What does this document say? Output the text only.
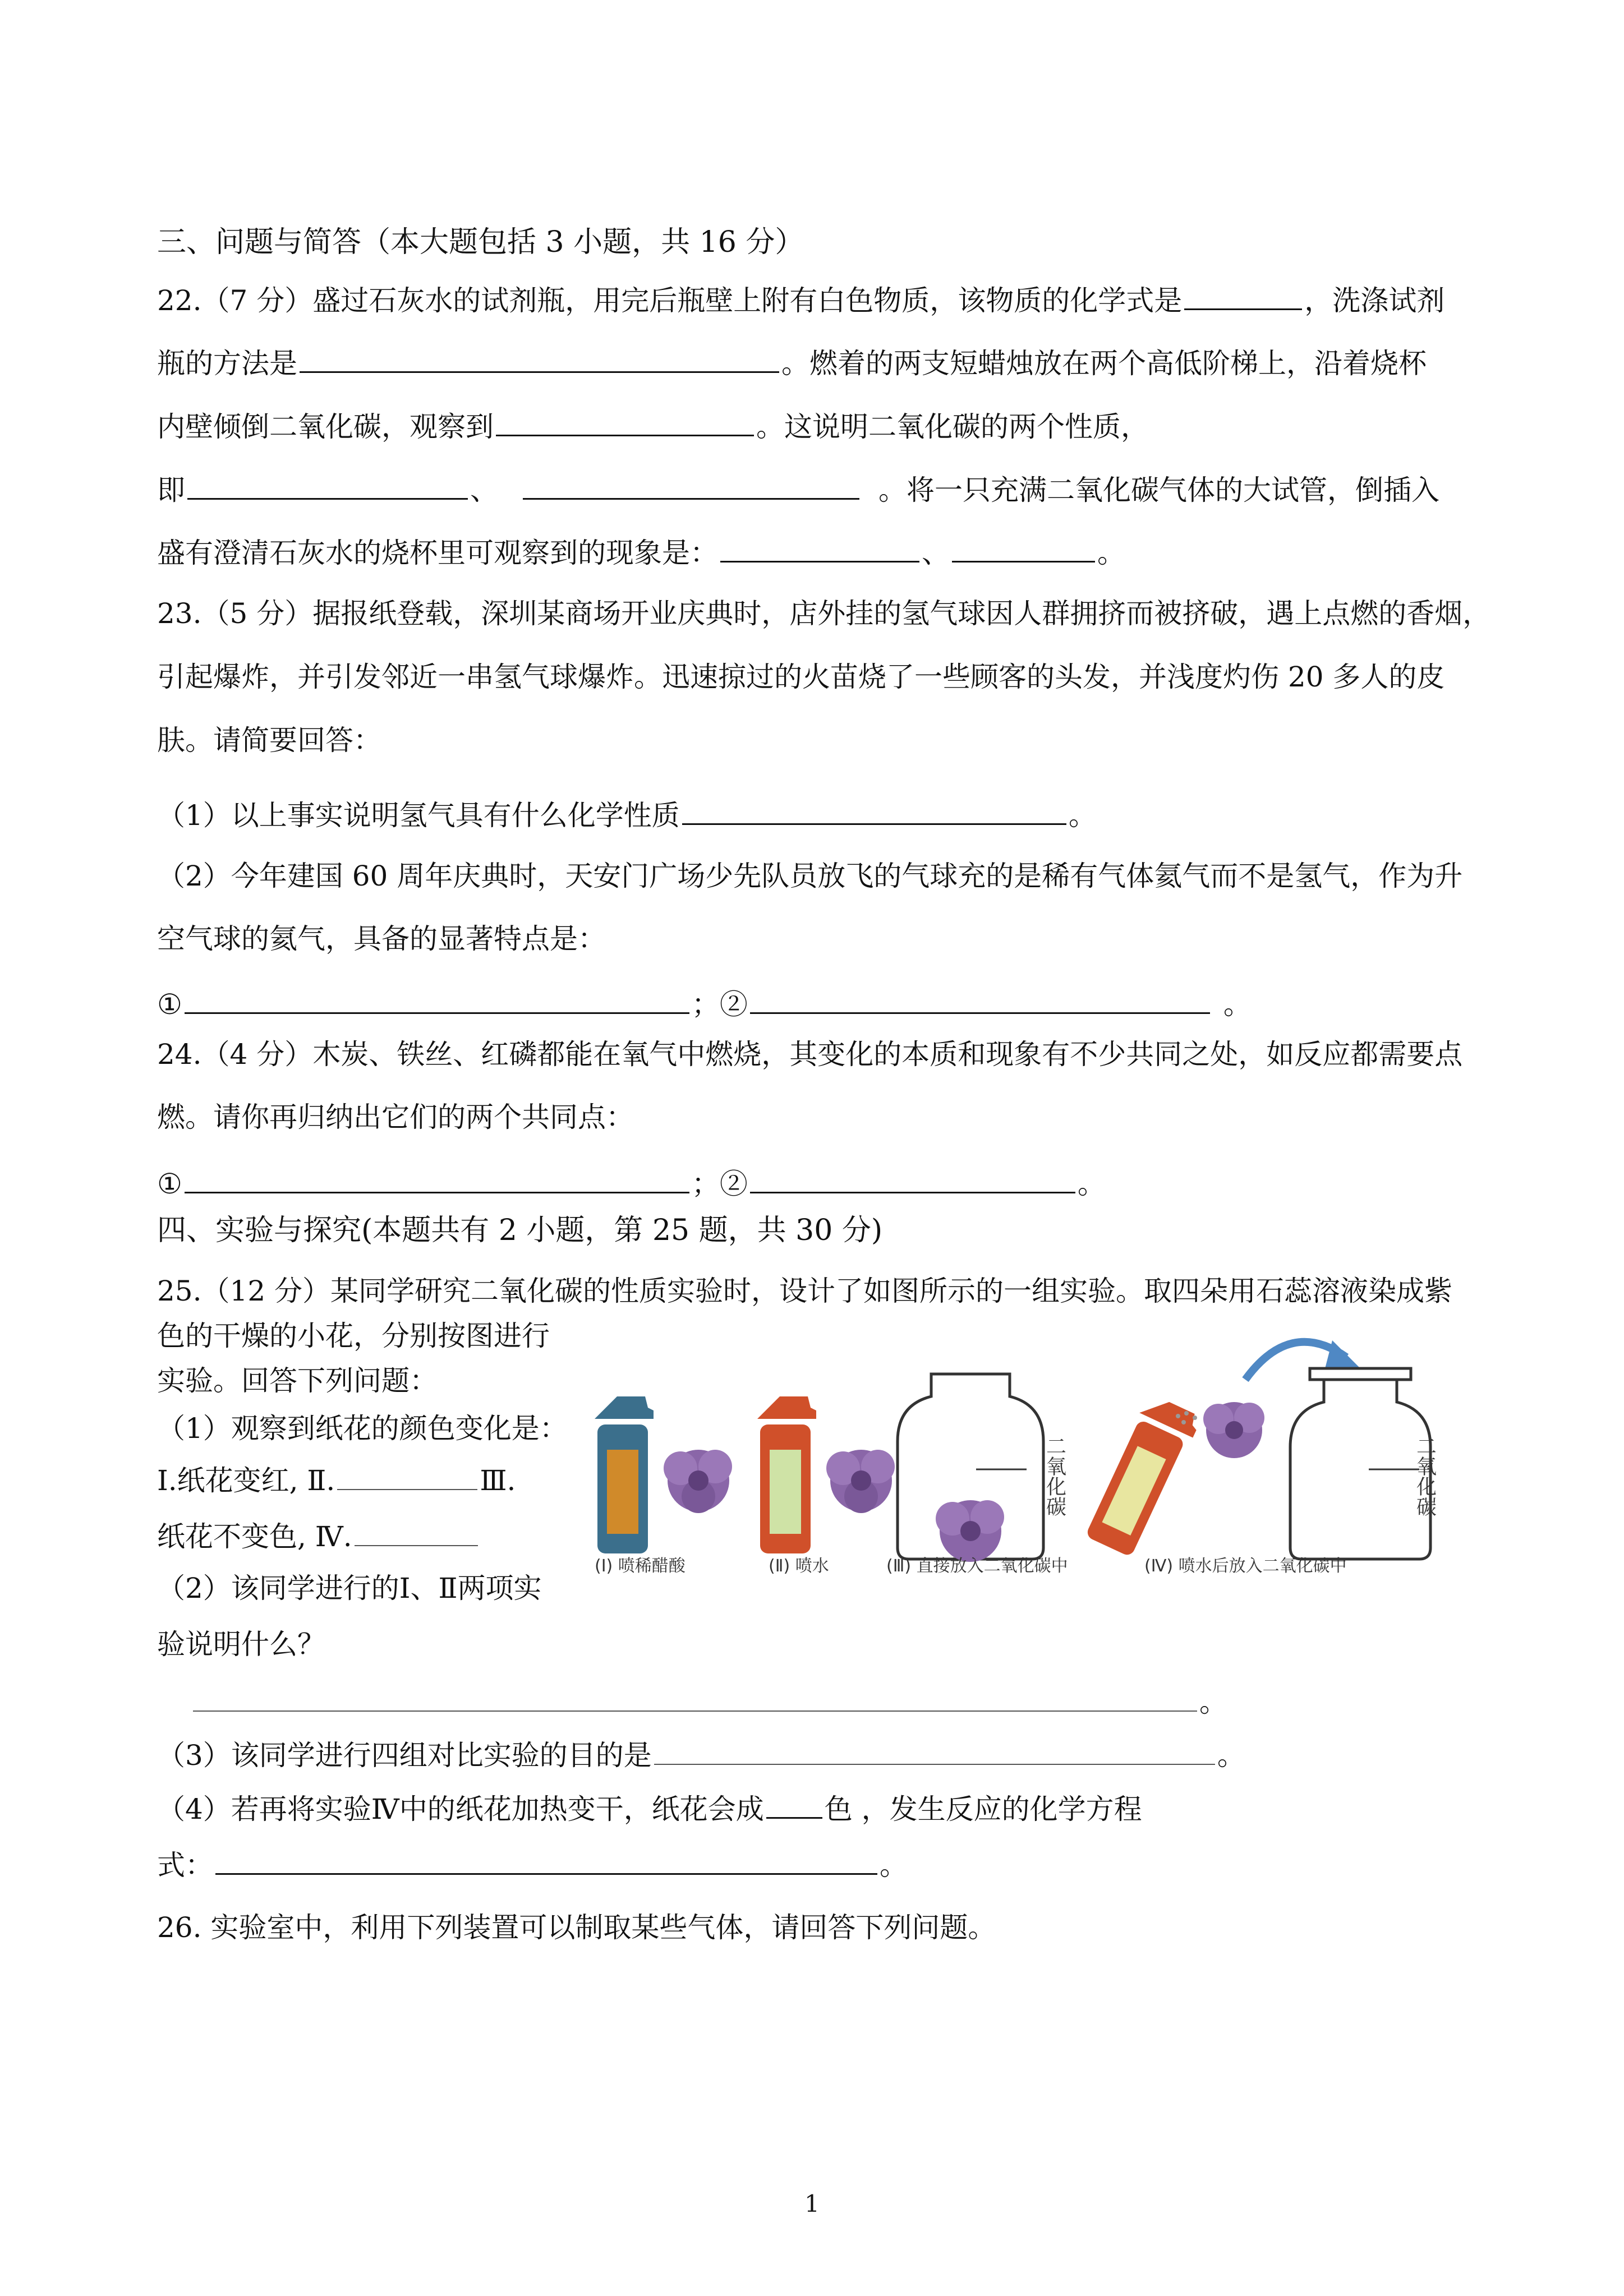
三、问题与简答（本大题包括 3 小题，共 16 分）
22.（7 分）盛过石灰水的试剂瓶，用完后瓶壁上附有白色物质，该物质的化学式是	，洗涤试剂
瓶的方法是	。燃着的两支短蜡烛放在两个高低阶梯上，沿着烧杯
内壁倾倒二氧化碳，观察到	。这说明二氧化碳的两个性质，
即	、	。将一只充满二氧化碳气体的大试管，倒插入
盛有澄清石灰水的烧杯里可观察到的现象是：	、	。
23.（5 分）据报纸登载，深圳某商场开业庆典时，店外挂的氢气球因人群拥挤而被挤破，遇上点燃的香烟，
引起爆炸，并引发邻近一串氢气球爆炸。迅速掠过的火苗烧了一些顾客的头发，并浅度灼伤 20 多人的皮
肤。请简要回答：
（1）以上事实说明氢气具有什么化学性质	。
（2）今年建国 60 周年庆典时，天安门广场少先队员放飞的气球充的是稀有气体氦气而不是氢气，作为升
空气球的氦气，具备的显著特点是：
①	；②	。
24.（4 分）木炭、铁丝、红磷都能在氧气中燃烧，其变化的本质和现象有不少共同之处，如反应都需要点
燃。请你再归纳出它们的两个共同点：
①	；②	。
四、实验与探究(本题共有 2 小题，第 25 题，共 30 分)
25.（12 分）某同学研究二氧化碳的性质实验时，设计了如图所示的一组实验。取四朵用石蕊溶液染成紫
色的干燥的小花，分别按图进行
实验。回答下列问题：
（1）观察到纸花的颜色变化是：
Ⅰ.纸花变红, Ⅱ.	Ⅲ.
纸花不变色, Ⅳ.
（2）该同学进行的Ⅰ、Ⅱ两项实
验说明什么？
。
（3）该同学进行四组对比实验的目的是	。
（4）若再将实验Ⅳ中的纸花加热变干，纸花会成 色 ，发生反应的化学方程
式：	。
26. 实验室中，利用下列装置可以制取某些气体，请回答下列问题。
二氧化碳	二氧化碳
(Ⅰ) 喷稀醋酸	(Ⅱ) 喷水	(Ⅲ) 直接放入二氧化碳中	(Ⅳ) 喷水后放入二氧化碳中
1
